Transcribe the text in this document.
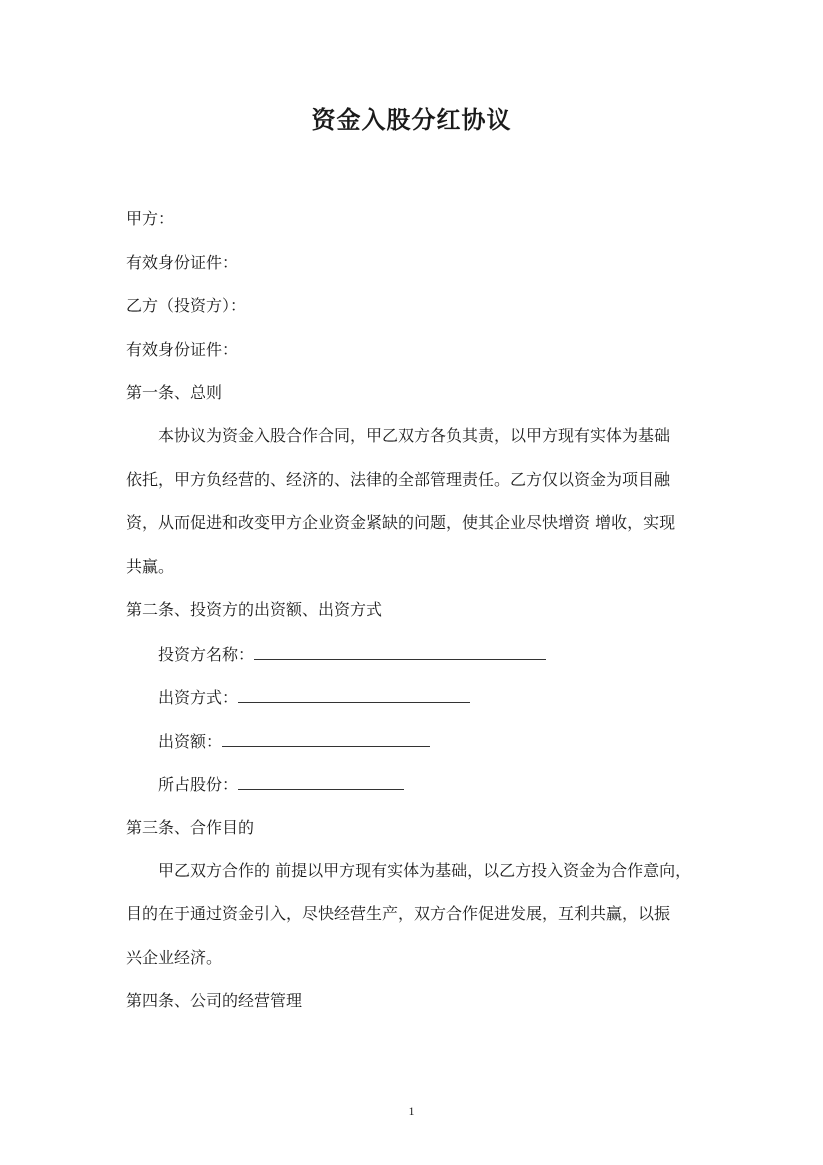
资金入股分红协议
甲方：
有效身份证件：
乙方（投资方）：
有效身份证件：
第一条、总则
本协议为资金入股合作合同，甲乙双方各负其责，以甲方现有实体为基础
依托，甲方负经营的、经济的、法律的全部管理责任。乙方仅以资金为项目融
资，从而促进和改变甲方企业资金紧缺的问题，使其企业尽快增资 增收，实现
共赢。
第二条、投资方的出资额、出资方式
投资方名称：
出资方式：
出资额：
所占股份：
第三条、合作目的
甲乙双方合作的 前提以甲方现有实体为基础，以乙方投入资金为合作意向，
目的在于通过资金引入，尽快经营生产，双方合作促进发展，互利共赢，以振
兴企业经济。
第四条、公司的经营管理
1
